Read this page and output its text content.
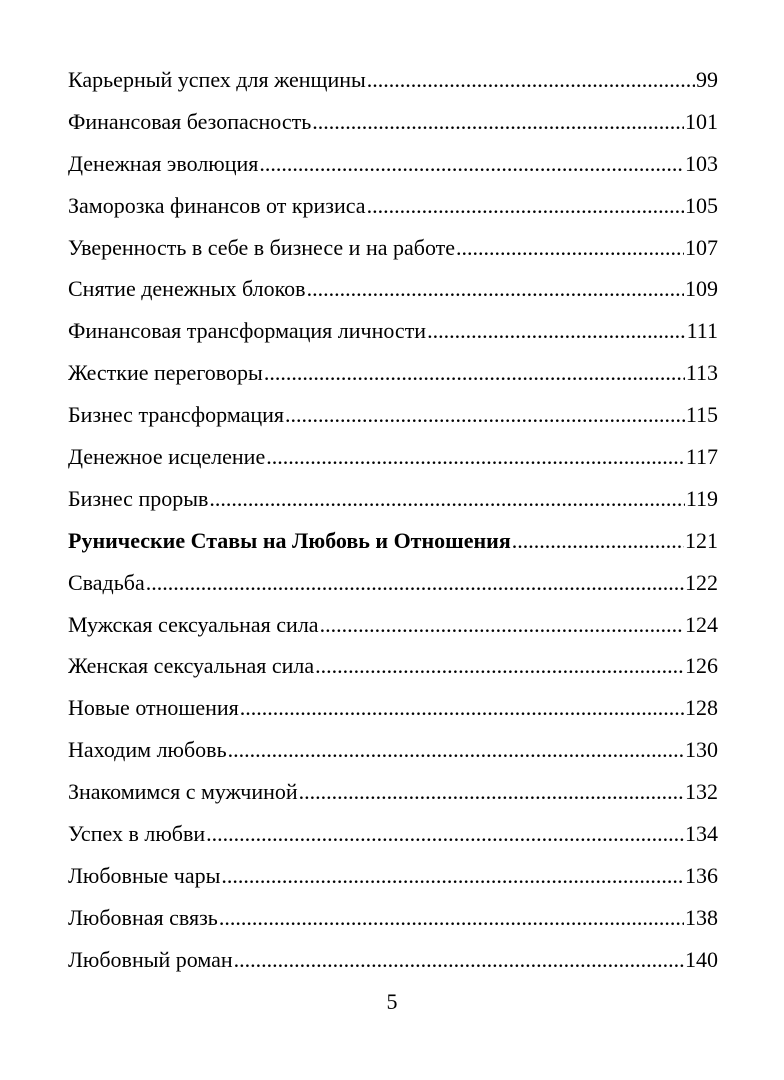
Карьерный успех для женщины .....	99
Финансовая безопасность .....	101
Денежная эволюция .....	103
Заморозка финансов от кризиса .....	105
Уверенность в себе в бизнесе и на работе .....	107
Снятие денежных блоков .....	109
Финансовая трансформация личности .....	111
Жесткие переговоры .....	113
Бизнес трансформация .....	115
Денежное исцеление .....	117
Бизнес прорыв .....	119
Рунические Ставы на Любовь и Отношения .....	121
Свадьба .....	122
Мужская сексуальная сила .....	124
Женская сексуальная сила .....	126
Новые отношения .....	128
Находим любовь .....	130
Знакомимся с мужчиной .....	132
Успех в любви .....	134
Любовные чары .....	136
Любовная связь .....	138
Любовный роман .....	140
5
